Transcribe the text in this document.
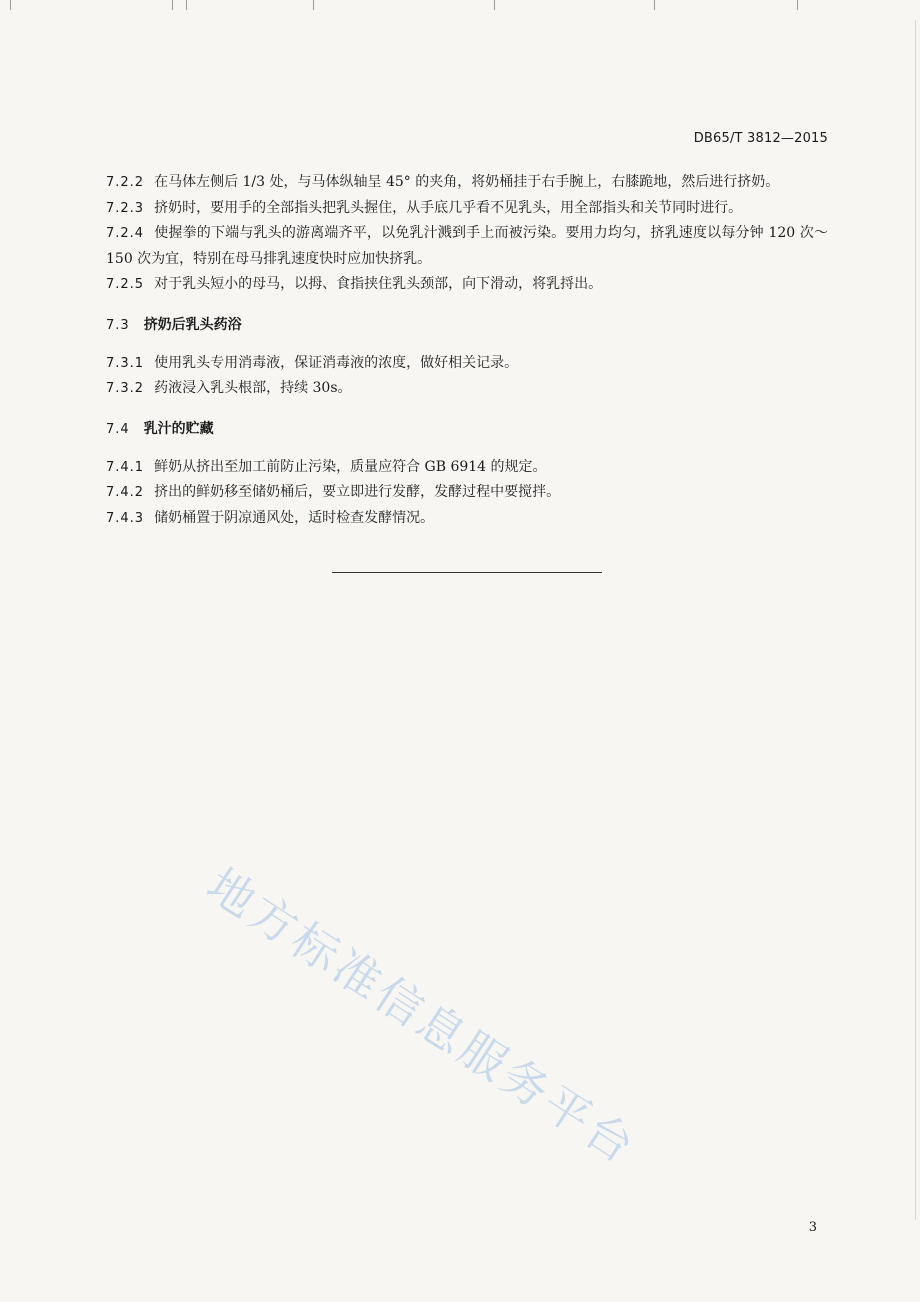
DB65/T 3812—2015

7.2.2 在马体左侧后 1/3 处，与马体纵轴呈 45° 的夹角，将奶桶挂于右手腕上，右膝跪地，然后进行挤奶。

7.2.3 挤奶时，要用手的全部指头把乳头握住，从手底几乎看不见乳头，用全部指头和关节同时进行。

7.2.4 使握拳的下端与乳头的游离端齐平，以免乳汁溅到手上而被污染。要用力均匀，挤乳速度以每分钟 120 次～150 次为宜，特别在母马排乳速度快时应加快挤乳。

7.2.5 对于乳头短小的母马，以拇、食指挟住乳头颈部，向下滑动，将乳捋出。

7.3 挤奶后乳头药浴

7.3.1 使用乳头专用消毒液，保证消毒液的浓度，做好相关记录。

7.3.2 药液浸入乳头根部，持续 30s。

7.4 乳汁的贮藏

7.4.1 鲜奶从挤出至加工前防止污染，质量应符合 GB 6914 的规定。

7.4.2 挤出的鲜奶移至储奶桶后，要立即进行发酵，发酵过程中要搅拌。

7.4.3 储奶桶置于阴凉通风处，适时检查发酵情况。

地方标准信息服务平台
3
